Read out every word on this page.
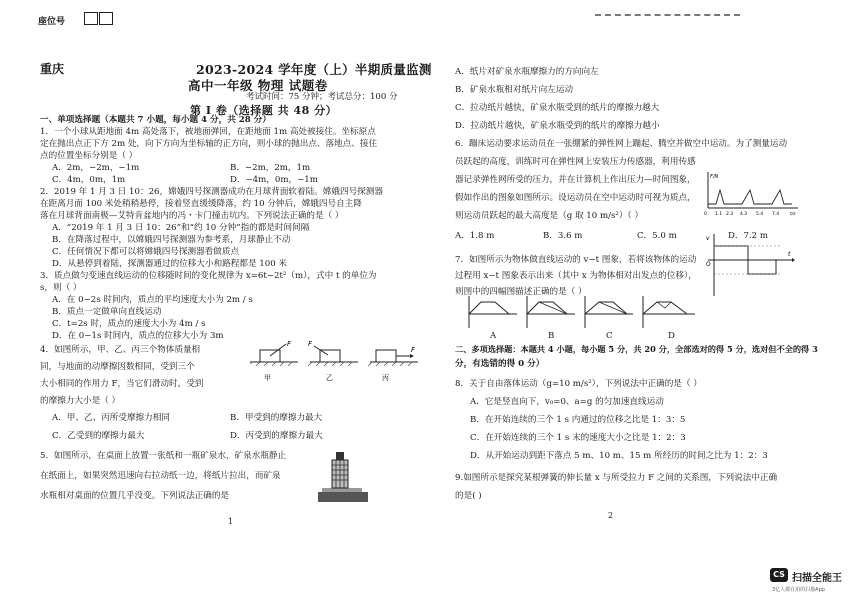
座位号
重庆	2023-2024 学年度（上）半期质量监测
高中一年级 物理 试题卷
考试时间：75 分钟；考试总分：100 分
第 I 卷（选择题 共 48 分）
一、单项选择题（本题共 7 小题，每小题 4 分，共 28 分）
1．一个小球从距地面 4m 高处落下，被地面弹回，在距地面 1m 高处被接住。坐标原点
定在抛出点正下方 2m 处，向下方向为坐标轴的正方向，则小球的抛出点、落地点、接住
点的位置坐标分别是（ ）
A．2m，−2m，−1m	B．−2m，2m，1m
C．4m，0m，1m	D．−4m，0m，−1m
2．2019 年 1 月 3 日 10：26，嫦娥四号探测器成功在月球背面软着陆。嫦娥四号探测器
在距离月面 100 米处稍稍悬停，接着竖直缓缓降落，约 10 分钟后，嫦娥四号自主降
落在月球背面南极—艾特肯盆地内的冯・卡门撞击坑内。下列说法正确的是（ ）
A．“2019 年 1 月 3 日 10：26”和“约 10 分钟”指的都是时间间隔
B．在降落过程中，以嫦娥四号探测器为参考系，月球静止不动
C．任何情况下都可以将嫦娥四号探测器看做质点
D．从悬停到着陆，探测器通过的位移大小和路程都是 100 米
3．质点做匀变速直线运动的位移随时间的变化规律为 x=6t−2t²（m），式中 t 的单位为
s，则（ ）
A．在 0−2s 时间内，质点的平均速度大小为 2m / s
B．质点一定做单向直线运动
C．t=2s 时，质点的速度大小为 4m / s
D．在 0−1s 时间内，质点的位移大小为 3m
4．如图所示，甲、乙、丙三个物体质量相
同，与地面的动摩擦因数相同，受到三个
大小相同的作用力 F，当它们滑动时，受到
的摩擦力大小是（ ）
A．甲、乙、丙所受摩擦力相同	B．甲受到的摩擦力最大
C．乙受到的摩擦力最大	D．丙受到的摩擦力最大
5．如图所示，在桌面上放置一张纸和一瓶矿泉水，矿泉水瓶静止
在纸面上，如果突然迅速向右拉动纸一边，将纸片拉出，而矿泉
水瓶相对桌面的位置几乎没变。下列说法正确的是
F F
F
甲	乙	丙
1
A．纸片对矿泉水瓶摩擦力的方向向左
B．矿泉水瓶相对纸片向左运动
C．拉动纸片越快，矿泉水瓶受到的纸片的摩擦力越大
D．拉动纸片越快，矿泉水瓶受到的纸片的摩擦力越小
6．蹦床运动要求运动员在一张绷紧的弹性网上蹦起、腾空并做空中运动。为了测量运动
员跃起的高度，训练时可在弹性网上安装压力传感器，利用传感
器记录弹性网所受的压力，并在计算机上作出压力—时间图象，
假如作出的图象如图所示。设运动员在空中运动时可视为质点，
则运动员跃起的最大高度是（g 取 10 m/s²）（ ）
A．1.8 m	B．3.6 m	C．5.0 m	D．7.2 m
7．如图所示为物体做直线运动的 v−t 图象，若将该物体的运动
过程用 x−t 图象表示出来（其中 x 为物体相对出发点的位移），
则图中的四幅图描述正确的是（ ）
F/N
0 1.1 2.3 4.3 5.4 7.4 t/s
v
O
t
A	B	C	D
二、多项选择题：本题共 4 小题，每小题 5 分，共 20 分，全部选对的得 5 分，选对但不全的得 3
分，有选错的得 0 分）
8．关于自由落体运动（g=10 m/s²），下列说法中正确的是（ ）
A．它是竖直向下，v₀=0、a=g 的匀加速直线运动
B．在开始连续的三个 1 s 内通过的位移之比是 1：3：5
C．在开始连续的三个 1 s 末的速度大小之比是 1：2：3
D．从开始运动到距下落点 5 m、10 m、15 m 所经历的时间之比为 1：2：3
9.如图所示是探究某根弹簧的伸长量 x 与所受拉力 F 之间的关系图，下列说法中正确
的是( )
2
CS 扫描全能王
3亿人都在用的扫描App
